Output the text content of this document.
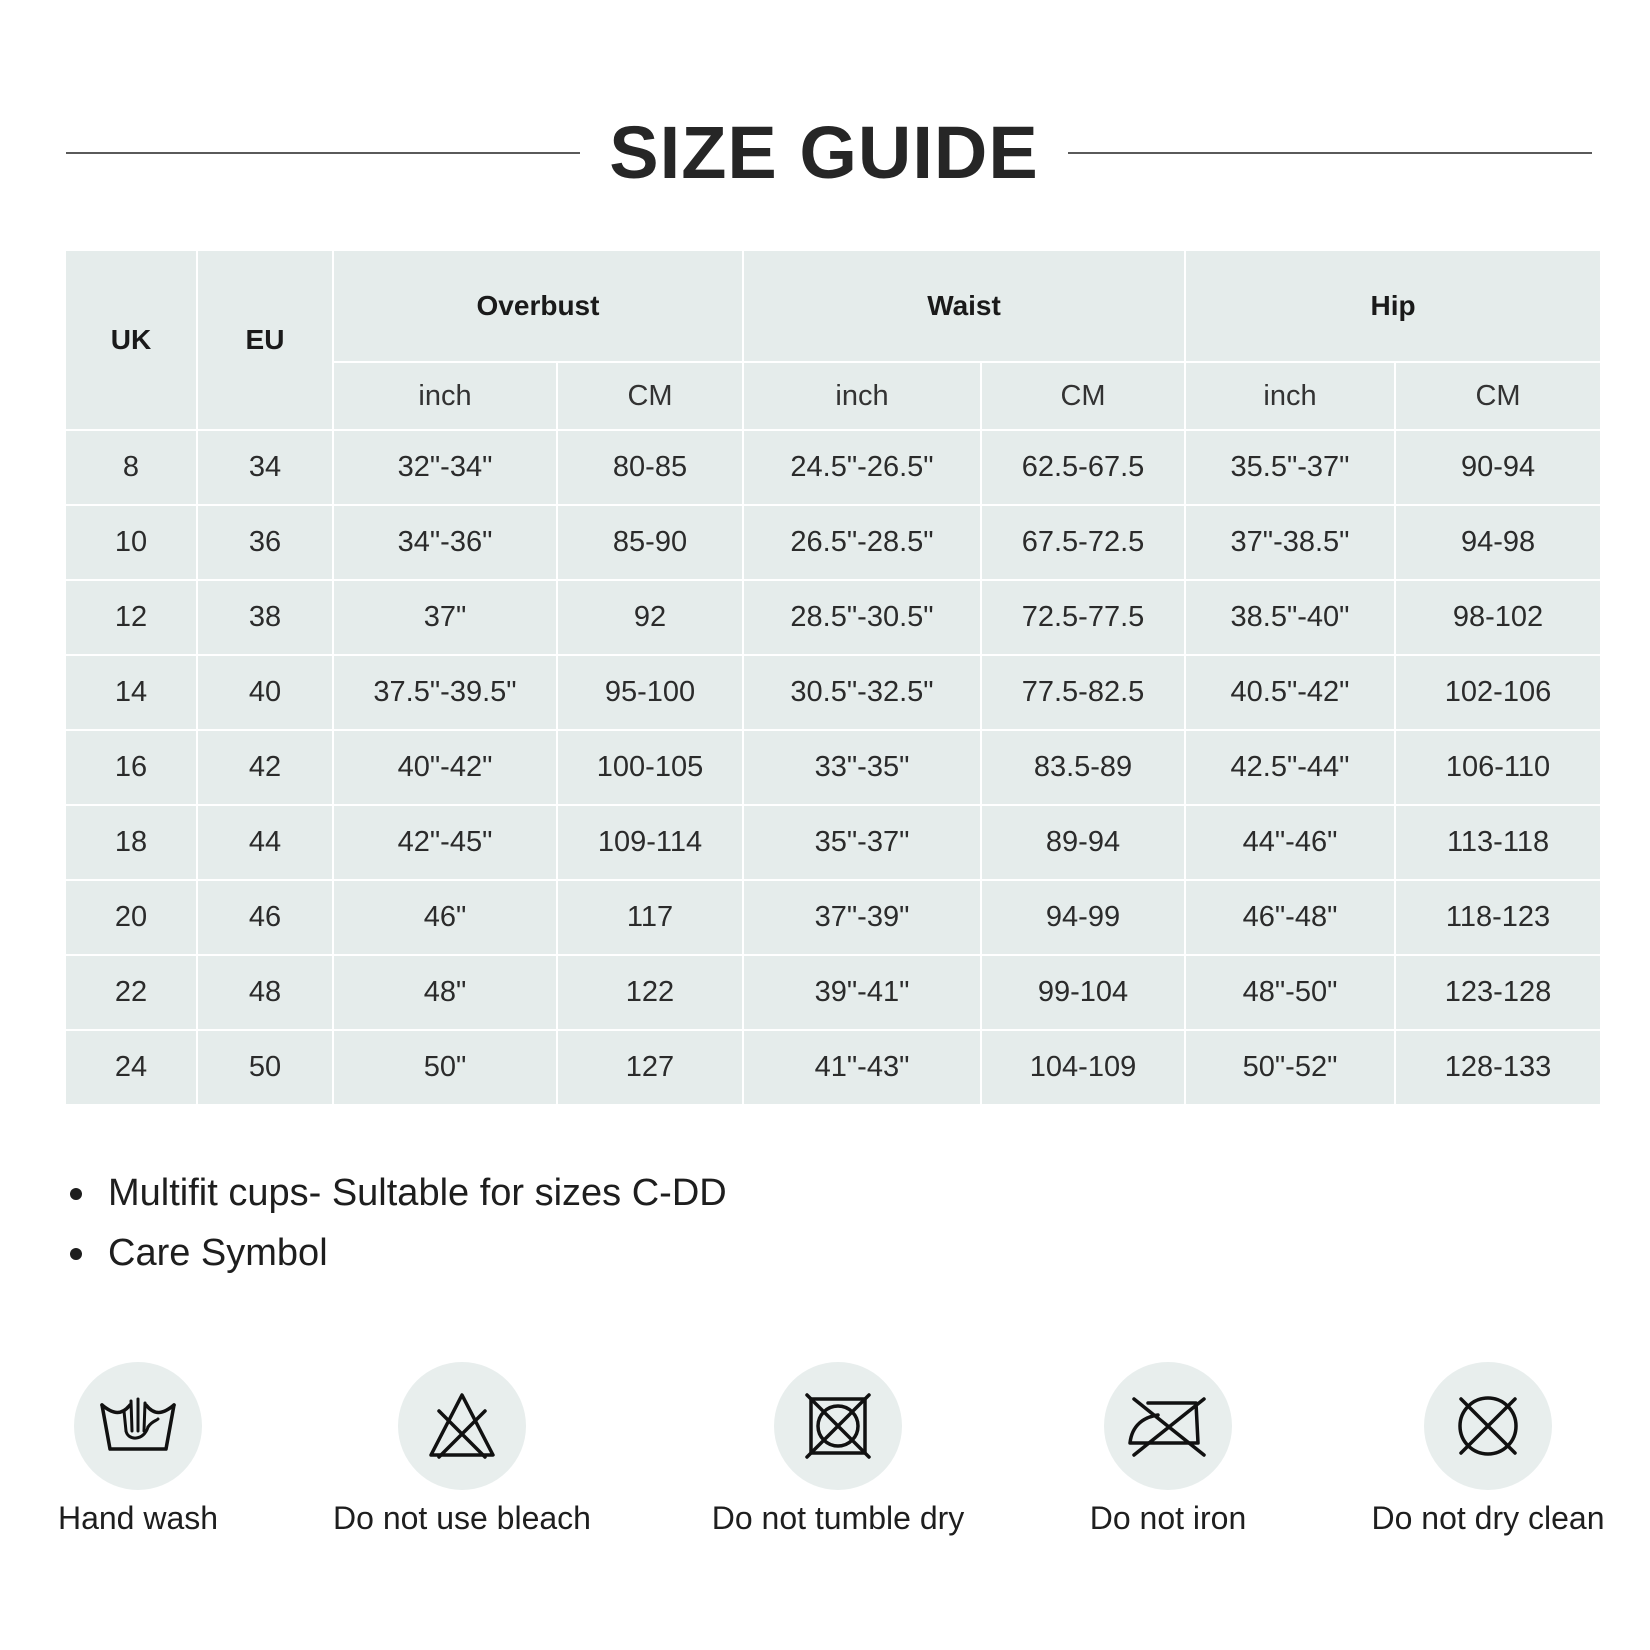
SIZE GUIDE
UK	EU	Overbust		Waist		Hip	
		inch	CM	inch	CM	inch	CM
8	34	32"-34"	80-85	24.5"-26.5"	62.5-67.5	35.5"-37"	90-94
10	36	34"-36"	85-90	26.5"-28.5"	67.5-72.5	37"-38.5"	94-98
12	38	37"	92	28.5"-30.5"	72.5-77.5	38.5"-40"	98-102
14	40	37.5"-39.5"	95-100	30.5"-32.5"	77.5-82.5	40.5"-42"	102-106
16	42	40"-42"	100-105	33"-35"	83.5-89	42.5"-44"	106-110
18	44	42"-45"	109-114	35"-37"	89-94	44"-46"	113-118
20	46	46"	117	37"-39"	94-99	46"-48"	118-123
22	48	48"	122	39"-41"	99-104	48"-50"	123-128
24	50	50"	127	41"-43"	104-109	50"-52"	128-133
Multifit cups- Sultable for sizes C-DD
Care Symbol
Hand wash	Do not use bleach	Do not tumble dry	Do not iron	Do not dry clean
